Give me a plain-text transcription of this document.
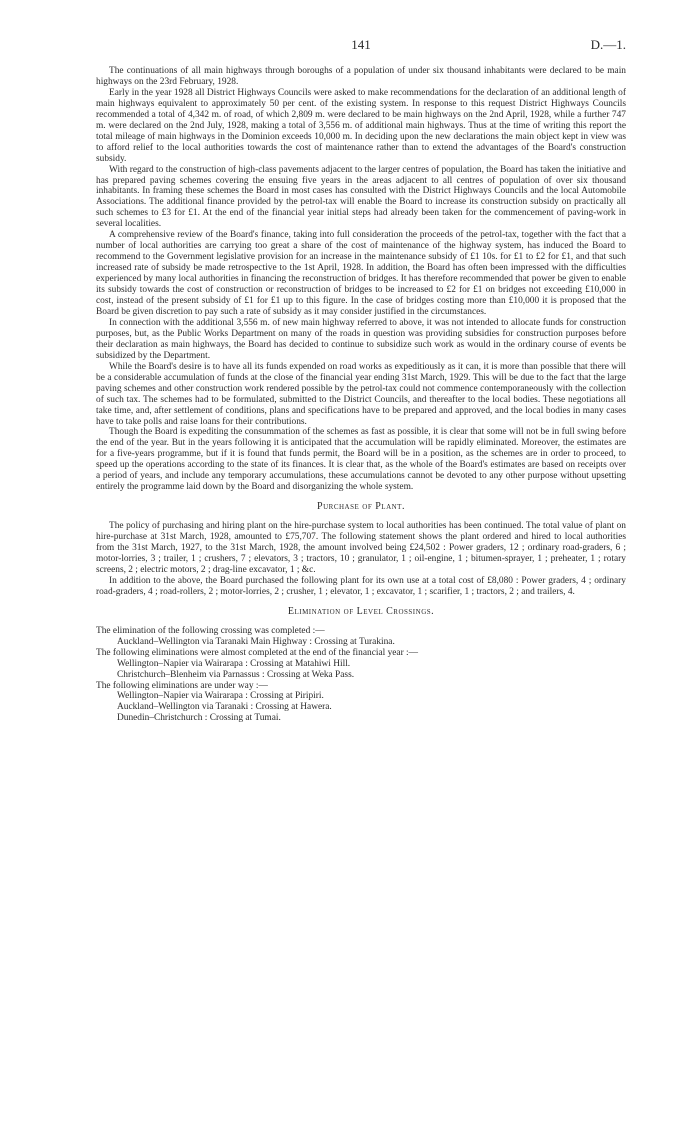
141	D.—1.

The continuations of all main highways through boroughs of a population of under six thousand inhabitants were declared to be main highways on the 23rd February, 1928.

Early in the year 1928 all District Highways Councils were asked to make recommendations for the declaration of an additional length of main highways equivalent to approximately 50 per cent. of the existing system. In response to this request District Highways Councils recommended a total of 4,342 m. of road, of which 2,809 m. were declared to be main highways on the 2nd April, 1928, while a further 747 m. were declared on the 2nd July, 1928, making a total of 3,556 m. of additional main highways. Thus at the time of writing this report the total mileage of main highways in the Dominion exceeds 10,000 m. In deciding upon the new declarations the main object kept in view was to afford relief to the local authorities towards the cost of maintenance rather than to extend the advantages of the Board's construction subsidy.

With regard to the construction of high-class pavements adjacent to the larger centres of population, the Board has taken the initiative and has prepared paving schemes covering the ensuing five years in the areas adjacent to all centres of population of over six thousand inhabitants. In framing these schemes the Board in most cases has consulted with the District Highways Councils and the local Automobile Associations. The additional finance provided by the petrol-tax will enable the Board to increase its construction subsidy on practically all such schemes to £3 for £1. At the end of the financial year initial steps had already been taken for the commencement of paving-work in several localities.

A comprehensive review of the Board's finance, taking into full consideration the proceeds of the petrol-tax, together with the fact that a number of local authorities are carrying too great a share of the cost of maintenance of the highway system, has induced the Board to recommend to the Government legislative provision for an increase in the maintenance subsidy of £1 10s. for £1 to £2 for £1, and that such increased rate of subsidy be made retrospective to the 1st April, 1928. In addition, the Board has often been impressed with the difficulties experienced by many local authorities in financing the reconstruction of bridges. It has therefore recommended that power be given to enable its subsidy towards the cost of construction or reconstruction of bridges to be increased to £2 for £1 on bridges not exceeding £10,000 in cost, instead of the present subsidy of £1 for £1 up to this figure. In the case of bridges costing more than £10,000 it is proposed that the Board be given discretion to pay such a rate of subsidy as it may consider justified in the circumstances.

In connection with the additional 3,556 m. of new main highway referred to above, it was not intended to allocate funds for construction purposes, but, as the Public Works Department on many of the roads in question was providing subsidies for construction purposes before their declaration as main highways, the Board has decided to continue to subsidize such work as would in the ordinary course of events be subsidized by the Department.

While the Board's desire is to have all its funds expended on road works as expeditiously as it can, it is more than possible that there will be a considerable accumulation of funds at the close of the financial year ending 31st March, 1929. This will be due to the fact that the large paving schemes and other construction work rendered possible by the petrol-tax could not commence contemporaneously with the collection of such tax. The schemes had to be formulated, submitted to the District Councils, and thereafter to the local bodies. These negotiations all take time, and, after settlement of conditions, plans and specifications have to be prepared and approved, and the local bodies in many cases have to take polls and raise loans for their contributions.

Though the Board is expediting the consummation of the schemes as fast as possible, it is clear that some will not be in full swing before the end of the year. But in the years following it is anticipated that the accumulation will be rapidly eliminated. Moreover, the estimates are for a five-years programme, but if it is found that funds permit, the Board will be in a position, as the schemes are in order to proceed, to speed up the operations according to the state of its finances. It is clear that, as the whole of the Board's estimates are based on receipts over a period of years, and include any temporary accumulations, these accumulations cannot be devoted to any other purpose without upsetting entirely the programme laid down by the Board and disorganizing the whole system.

Purchase of Plant.

The policy of purchasing and hiring plant on the hire-purchase system to local authorities has been continued. The total value of plant on hire-purchase at 31st March, 1928, amounted to £75,707. The following statement shows the plant ordered and hired to local authorities from the 31st March, 1927, to the 31st March, 1928, the amount involved being £24,502 : Power graders, 12 ; ordinary road-graders, 6 ; motor-lorries, 3 ; trailer, 1 ; crushers, 7 ; elevators, 3 ; tractors, 10 ; granulator, 1 ; oil-engine, 1 ; bitumen-sprayer, 1 ; preheater, 1 ; rotary screens, 2 ; electric motors, 2 ; drag-line excavator, 1 ; &c.

In addition to the above, the Board purchased the following plant for its own use at a total cost of £8,080 : Power graders, 4 ; ordinary road-graders, 4 ; road-rollers, 2 ; motor-lorries, 2 ; crusher, 1 ; elevator, 1 ; excavator, 1 ; scarifier, 1 ; tractors, 2 ; and trailers, 4.

Elimination of Level Crossings.
The elimination of the following crossing was completed :—
Auckland–Wellington via Taranaki Main Highway : Crossing at Turakina.
The following eliminations were almost completed at the end of the financial year :—
Wellington–Napier via Wairarapa : Crossing at Matahiwi Hill.
Christchurch–Blenheim via Parnassus : Crossing at Weka Pass.
The following eliminations are under way :—
Wellington–Napier via Wairarapa : Crossing at Piripiri.
Auckland–Wellington via Taranaki : Crossing at Hawera.
Dunedin–Christchurch : Crossing at Tumai.
